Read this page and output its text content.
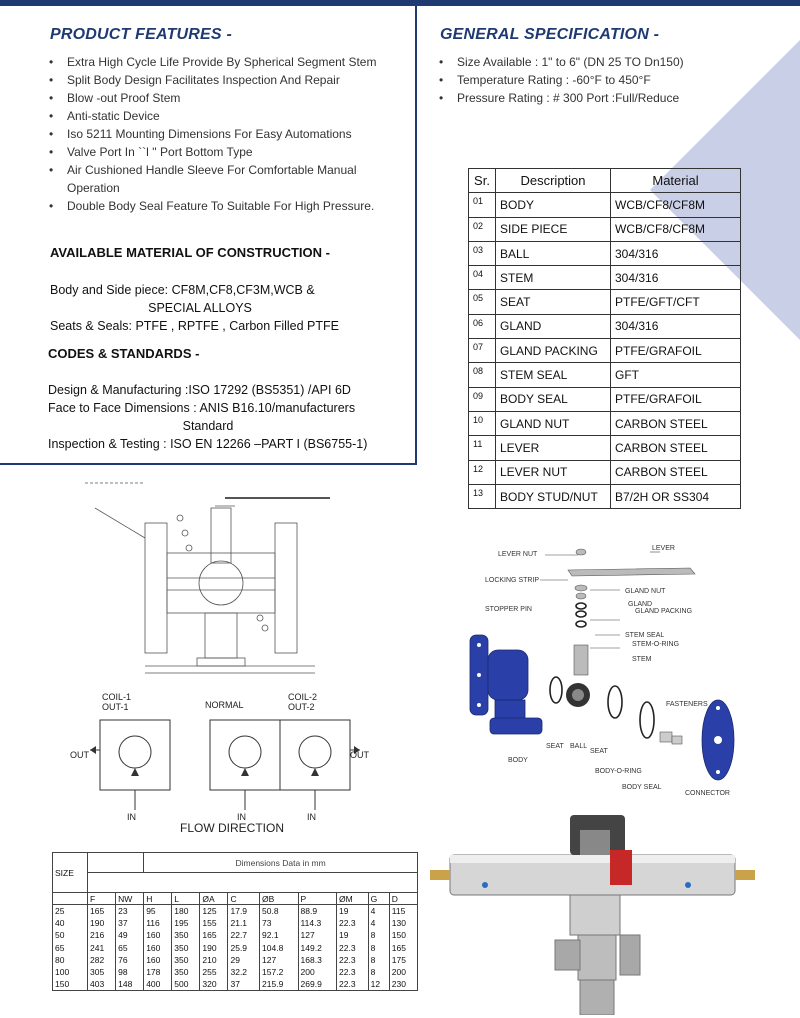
PRODUCT FEATURES -
• Extra High Cycle Life Provide By Spherical Segment Stem
• Split Body Design Facilitates Inspection And Repair
• Blow -out Proof Stem
• Anti-static Device
• Iso 5211 Mounting Dimensions For Easy Automations
• Valve Port In ``l '' Port Bottom Type
• Air Cushioned Handle Sleeve For Comfortable Manual Operation
• Double Body Seal Feature To Suitable For High Pressure.
AVAILABLE MATERIAL OF CONSTRUCTION -
Body and Side piece: CF8M,CF8,CF3M,WCB &
SPECIAL ALLOYS
Seats & Seals: PTFE , RPTFE , Carbon Filled PTFE
CODES & STANDARDS -
Design & Manufacturing :ISO 17292 (BS5351) /API 6D
Face to Face Dimensions : ANIS B16.10/manufacturers
Standard
Inspection & Testing : ISO EN 12266 –PART I (BS6755-1)
GENERAL SPECIFICATION -
• Size Available : 1" to 6" (DN 25 TO Dn150)
• Temperature Rating : -60°F to 450°F
• Pressure Rating : # 300 Port :Full/Reduce
Sr.	Description	Material
01	BODY	WCB/CF8/CF8M
02	SIDE PIECE	WCB/CF8/CF8M
03	BALL	304/316
04	STEM	304/316
05	SEAT	PTFE/GFT/CFT
06	GLAND	304/316
07	GLAND PACKING	PTFE/GRAFOIL
08	STEM SEAL	GFT
09	BODY SEAL	PTFE/GRAFOIL
10	GLAND NUT	CARBON STEEL
11	LEVER	CARBON STEEL
12	LEVER NUT	CARBON STEEL
13	BODY STUD/NUT	B7/2H OR SS304
LEVER NUT
LEVER
LOCKING STRIP
GLAND NUT
GLAND
GLAND PACKING
STOPPER PIN
STEM SEAL
STEM-O-RING
STEM
FASTENERS
SEAT BALL
SEAT
BODY
BODY-O-RING
BODY SEAL
CONNECTOR
COIL-1
OUT-1	NORMAL
COIL-2
OUT-2
OUT	OUT
IN	IN	IN
FLOW DIRECTION
SIZE			Dimensions Data in mm								

	F	NW	H	L	ØA	C	ØB	P	ØM	G	D
25	165	23	95	180	125	17.9	50.8	88.9	19	4	115
40	190	37	116	195	155	21.1	73	114.3	22.3	4	130
50	216	49	160	350	165	22.7	92.1	127	19	8	150
65	241	65	160	350	190	25.9	104.8	149.2	22.3	8	165
80	282	76	160	350	210	29	127	168.3	22.3	8	175
100	305	98	178	350	255	32.2	157.2	200	22.3	8	200
150	403	148	400	500	320	37	215.9	269.9	22.3	12	230
